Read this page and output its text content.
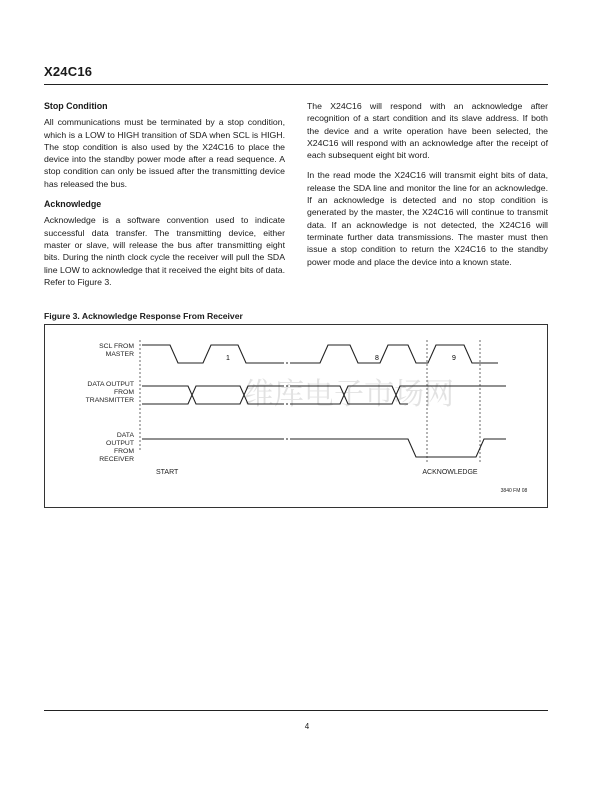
X24C16
Stop Condition

All communications must be terminated by a stop condition, which is a LOW to HIGH transition of SDA when SCL is HIGH. The stop condition is also used by the X24C16 to place the device into the standby power mode after a read sequence. A stop condition can only be issued after the transmitting device has released the bus.

Acknowledge

Acknowledge is a software convention used to indicate successful data transfer. The transmitting device, either master or slave, will release the bus after transmitting eight bits. During the ninth clock cycle the receiver will pull the SDA line LOW to acknowledge that it received the eight bits of data. Refer to Figure 3.

The X24C16 will respond with an acknowledge after recognition of a start condition and its slave address. If both the device and a write operation have been selected, the X24C16 will respond with an acknowledge after the receipt of each subsequent eight bit word.

In the read mode the X24C16 will transmit eight bits of data, release the SDA line and monitor the line for an acknowledge. If an acknowledge is detected and no stop condition is generated by the master, the X24C16 will continue to transmit data. If an acknowledge is not detected, the X24C16 will terminate further data transmissions. The master must then issue a stop condition to return the X24C16 to the standby power mode and place the device into a known state.

Figure 3. Acknowledge Response From Receiver
维库电子市场网
1	8	9
SCL FROM
MASTER
DATA OUTPUT
FROM
TRANSMITTER
DATA
OUTPUT
FROM
RECEIVER
START	ACKNOWLEDGE
3840 FM 08
4
